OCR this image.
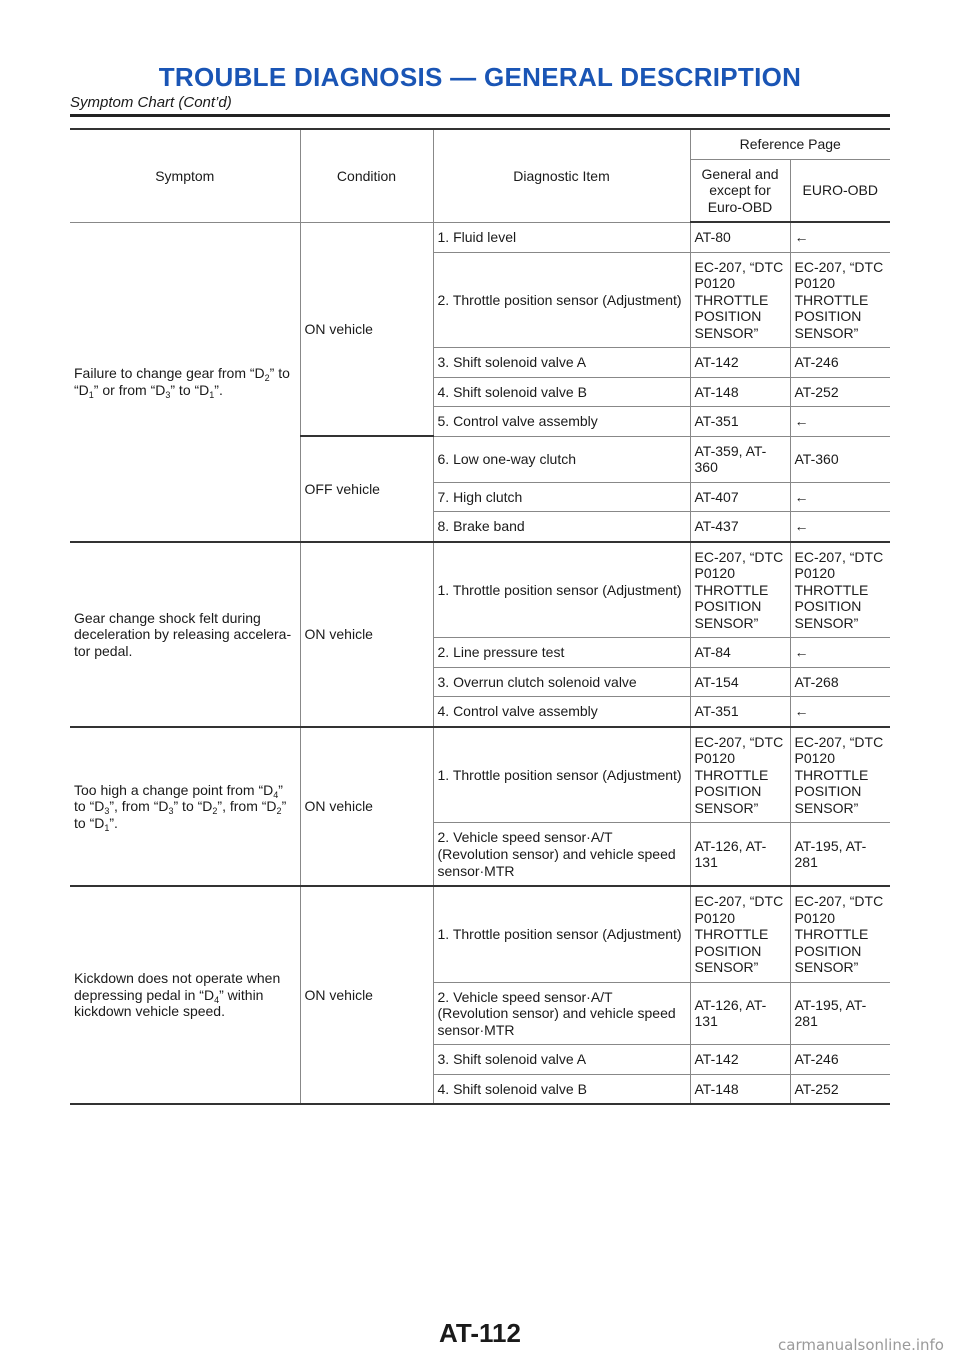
TROUBLE DIAGNOSIS — GENERAL DESCRIPTION
Symptom Chart (Cont’d)
Symptom	Condition	Diagnostic Item	Reference Page	
			General and except for Euro-OBD	EURO-OBD
Failure to change gear from “$D_2$” to “$D_1$” or from “$D_3$” to “$D_1$”.	ON vehicle	1. Fluid level	AT-80	←
		2. Throttle position sensor (Adjustment)	EC-207, “DTC P0120 THROTTLE POSITION SENSOR”	EC-207, “DTC P0120 THROTTLE POSITION SENSOR”
		3. Shift solenoid valve A	AT-142	AT-246
		4. Shift solenoid valve B	AT-148	AT-252
		5. Control valve assembly	AT-351	←
	OFF vehicle	6. Low one-way clutch	AT-359, AT-360	AT-360
		7. High clutch	AT-407	←
		8. Brake band	AT-437	←
Gear change shock felt during deceleration by releasing accelera- tor pedal.	ON vehicle	1. Throttle position sensor (Adjustment)	EC-207, “DTC P0120 THROTTLE POSITION SENSOR”	EC-207, “DTC P0120 THROTTLE POSITION SENSOR”
		2. Line pressure test	AT-84	←
		3. Overrun clutch solenoid valve	AT-154	AT-268
		4. Control valve assembly	AT-351	←
Too high a change point from “$D_4$” to “$D_3$”, from “$D_3$” to “$D_2$”, from “$D_2$” to “$D_1$”.	ON vehicle	1. Throttle position sensor (Adjustment)	EC-207, “DTC P0120 THROTTLE POSITION SENSOR”	EC-207, “DTC P0120 THROTTLE POSITION SENSOR”
		2. Vehicle speed sensor·A/T (Revolution sensor) and vehicle speed sensor·MTR	AT-126, AT-131	AT-195, AT-281
Kickdown does not operate when depressing pedal in “$D_4$” within kickdown vehicle speed.	ON vehicle	1. Throttle position sensor (Adjustment)	EC-207, “DTC P0120 THROTTLE POSITION SENSOR”	EC-207, “DTC P0120 THROTTLE POSITION SENSOR”
		2. Vehicle speed sensor·A/T (Revolution sensor) and vehicle speed sensor·MTR	AT-126, AT-131	AT-195, AT-281
		3. Shift solenoid valve A	AT-142	AT-246
		4. Shift solenoid valve B	AT-148	AT-252
AT-112	carmanualsonline.info
